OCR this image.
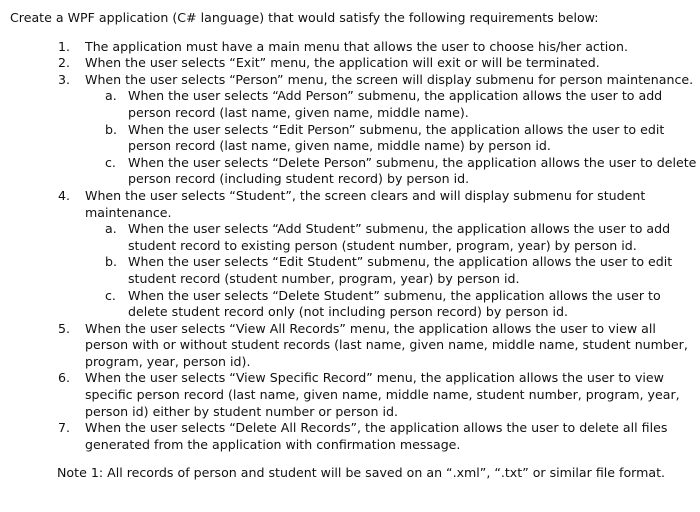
Create a WPF application (C# language) that would satisfy the following requirements below:

1. The application must have a main menu that allows the user to choose his/her action.
2. When the user selects “Exit” menu, the application will exit or will be terminated.
3. When the user selects “Person” menu, the screen will display submenu for person maintenance.
a. When the user selects “Add Person” submenu, the application allows the user to add person record (last name, given name, middle name).
b. When the user selects “Edit Person” submenu, the application allows the user to edit person record (last name, given name, middle name) by person id.
c. When the user selects “Delete Person” submenu, the application allows the user to delete person record (including student record) by person id.
4. When the user selects “Student”, the screen clears and will display submenu for student maintenance.
a. When the user selects “Add Student” submenu, the application allows the user to add student record to existing person (student number, program, year) by person id.
b. When the user selects “Edit Student” submenu, the application allows the user to edit student record (student number, program, year) by person id.
c. When the user selects “Delete Student” submenu, the application allows the user to delete student record only (not including person record) by person id.
5. When the user selects “View All Records” menu, the application allows the user to view all person with or without student records (last name, given name, middle name, student number, program, year, person id).
6. When the user selects “View Specific Record” menu, the application allows the user to view specific person record (last name, given name, middle name, student number, program, year, person id) either by student number or person id.
7. When the user selects “Delete All Records”, the application allows the user to delete all files generated from the application with confirmation message.

Note 1: All records of person and student will be saved on an “.xml”, “.txt” or similar file format.
